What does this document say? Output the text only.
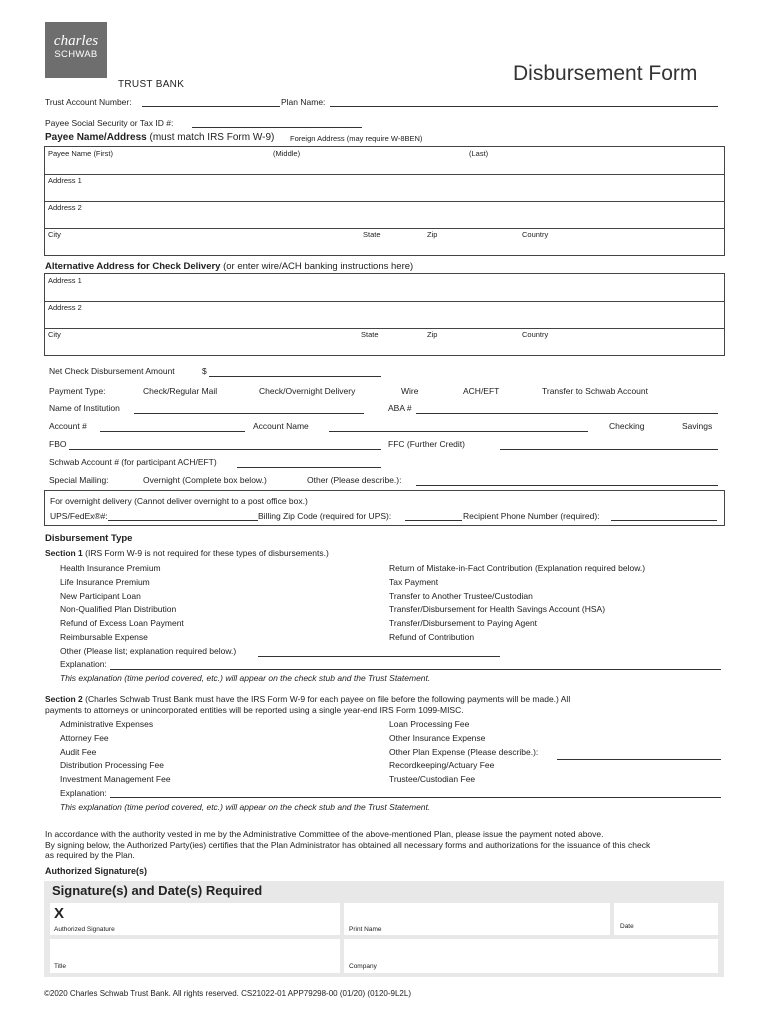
charles
SCHWAB
TRUST BANK	Disbursement Form
Trust Account Number:	Plan Name:
Payee Social Security or Tax ID #:
Payee Name/Address (must match IRS Form W-9) Foreign Address (may require W-8BEN)
Payee Name (First)	(Middle)	(Last)
Address 1
Address 2
City	State	Zip	Country
Alternative Address for Check Delivery (or enter wire/ACH banking instructions here)
Address 1
Address 2
City	State	Zip	Country
Net Check Disbursement Amount	$
Payment Type:	Check/Regular Mail	Check/Overnight Delivery	Wire	ACH/EFT	Transfer to Schwab Account
Name of Institution	ABA #
Account #	Account Name	Checking	Savings
FBO	FFC (Further Credit)
Schwab Account # (for participant ACH/EFT)
Special Mailing:	Overnight (Complete box below.)	Other (Please describe.):
For overnight delivery (Cannot deliver overnight to a post office box.)
UPS/FedEx®#:	Billing Zip Code (required for UPS):	Recipient Phone Number (required):
Disbursement Type
Section 1 (IRS Form W-9 is not required for these types of disbursements.)
Health Insurance Premium
Life Insurance Premium
New Participant Loan
Non-Qualified Plan Distribution
Refund of Excess Loan Payment
Reimbursable Expense
Other (Please list; explanation required below.)
Return of Mistake-in-Fact Contribution (Explanation required below.)
Tax Payment
Transfer to Another Trustee/Custodian
Transfer/Disbursement for Health Savings Account (HSA)
Transfer/Disbursement to Paying Agent
Refund of Contribution
Explanation:
This explanation (time period covered, etc.) will appear on the check stub and the Trust Statement.
Section 2 (Charles Schwab Trust Bank must have the IRS Form W-9 for each payee on file before the following payments will be made.) All
payments to attorneys or unincorporated entities will be reported using a single year-end IRS Form 1099-MISC.
Administrative Expenses
Attorney Fee
Audit Fee
Distribution Processing Fee
Investment Management Fee
Loan Processing Fee
Other Insurance Expense
Other Plan Expense (Please describe.):
Recordkeeping/Actuary Fee
Trustee/Custodian Fee
Explanation:
This explanation (time period covered, etc.) will appear on the check stub and the Trust Statement.
In accordance with the authority vested in me by the Administrative Committee of the above-mentioned Plan, please issue the payment noted above.
By signing below, the Authorized Party(ies) certifies that the Plan Administrator has obtained all necessary forms and authorizations for the issuance of this check
as required by the Plan.
Authorized Signature(s)
Signature(s) and Date(s) Required
X
Authorized Signature	Print Name	Date
Title	Company
©2020 Charles Schwab Trust Bank. All rights reserved. CS21022-01 APP79298-00 (01/20) (0120-9L2L)
